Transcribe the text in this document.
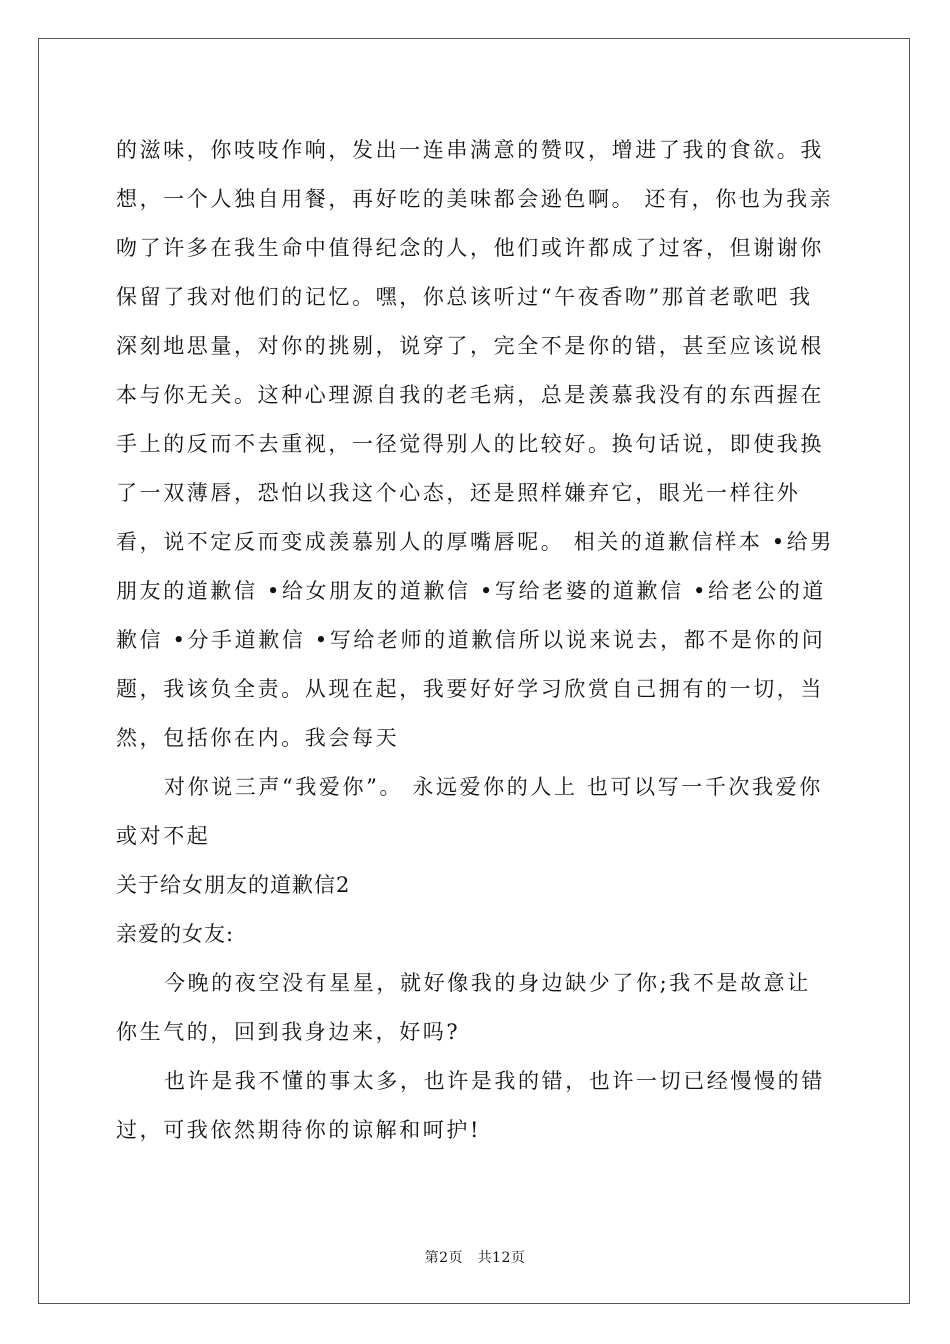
的滋味，你吱吱作响，发出一连串满意的赞叹，增进了我的食欲。我想，一个人独自用餐，再好吃的美味都会逊色啊。 还有，你也为我亲吻了许多在我生命中值得纪念的人，他们或许都成了过客，但谢谢你保留了我对他们的记忆。嘿，你总该听过“午夜香吻”那首老歌吧 我深刻地思量，对你的挑剔，说穿了，完全不是你的错，甚至应该说根本与你无关。这种心理源自我的老毛病，总是羡慕我没有的东西握在手上的反而不去重视，一径觉得别人的比较好。换句话说，即使我换了一双薄唇，恐怕以我这个心态，还是照样嫌弃它，眼光一样往外看，说不定反而变成羡慕别人的厚嘴唇呢。 相关的道歉信样本 •给男朋友的道歉信 •给女朋友的道歉信 •写给老婆的道歉信 •给老公的道歉信 •分手道歉信 •写给老师的道歉信所以说来说去，都不是你的问题，我该负全责。从现在起，我要好好学习欣赏自己拥有的一切，当然，包括你在内。我会每天

对你说三声“我爱你”。 永远爱你的人上 也可以写一千次我爱你或对不起

关于给女朋友的道歉信2

亲爱的女友:

今晚的夜空没有星星，就好像我的身边缺少了你;我不是故意让你生气的，回到我身边来，好吗?

也许是我不懂的事太多，也许是我的错，也许一切已经慢慢的错过，可我依然期待你的谅解和呵护!

第2页　共12页
